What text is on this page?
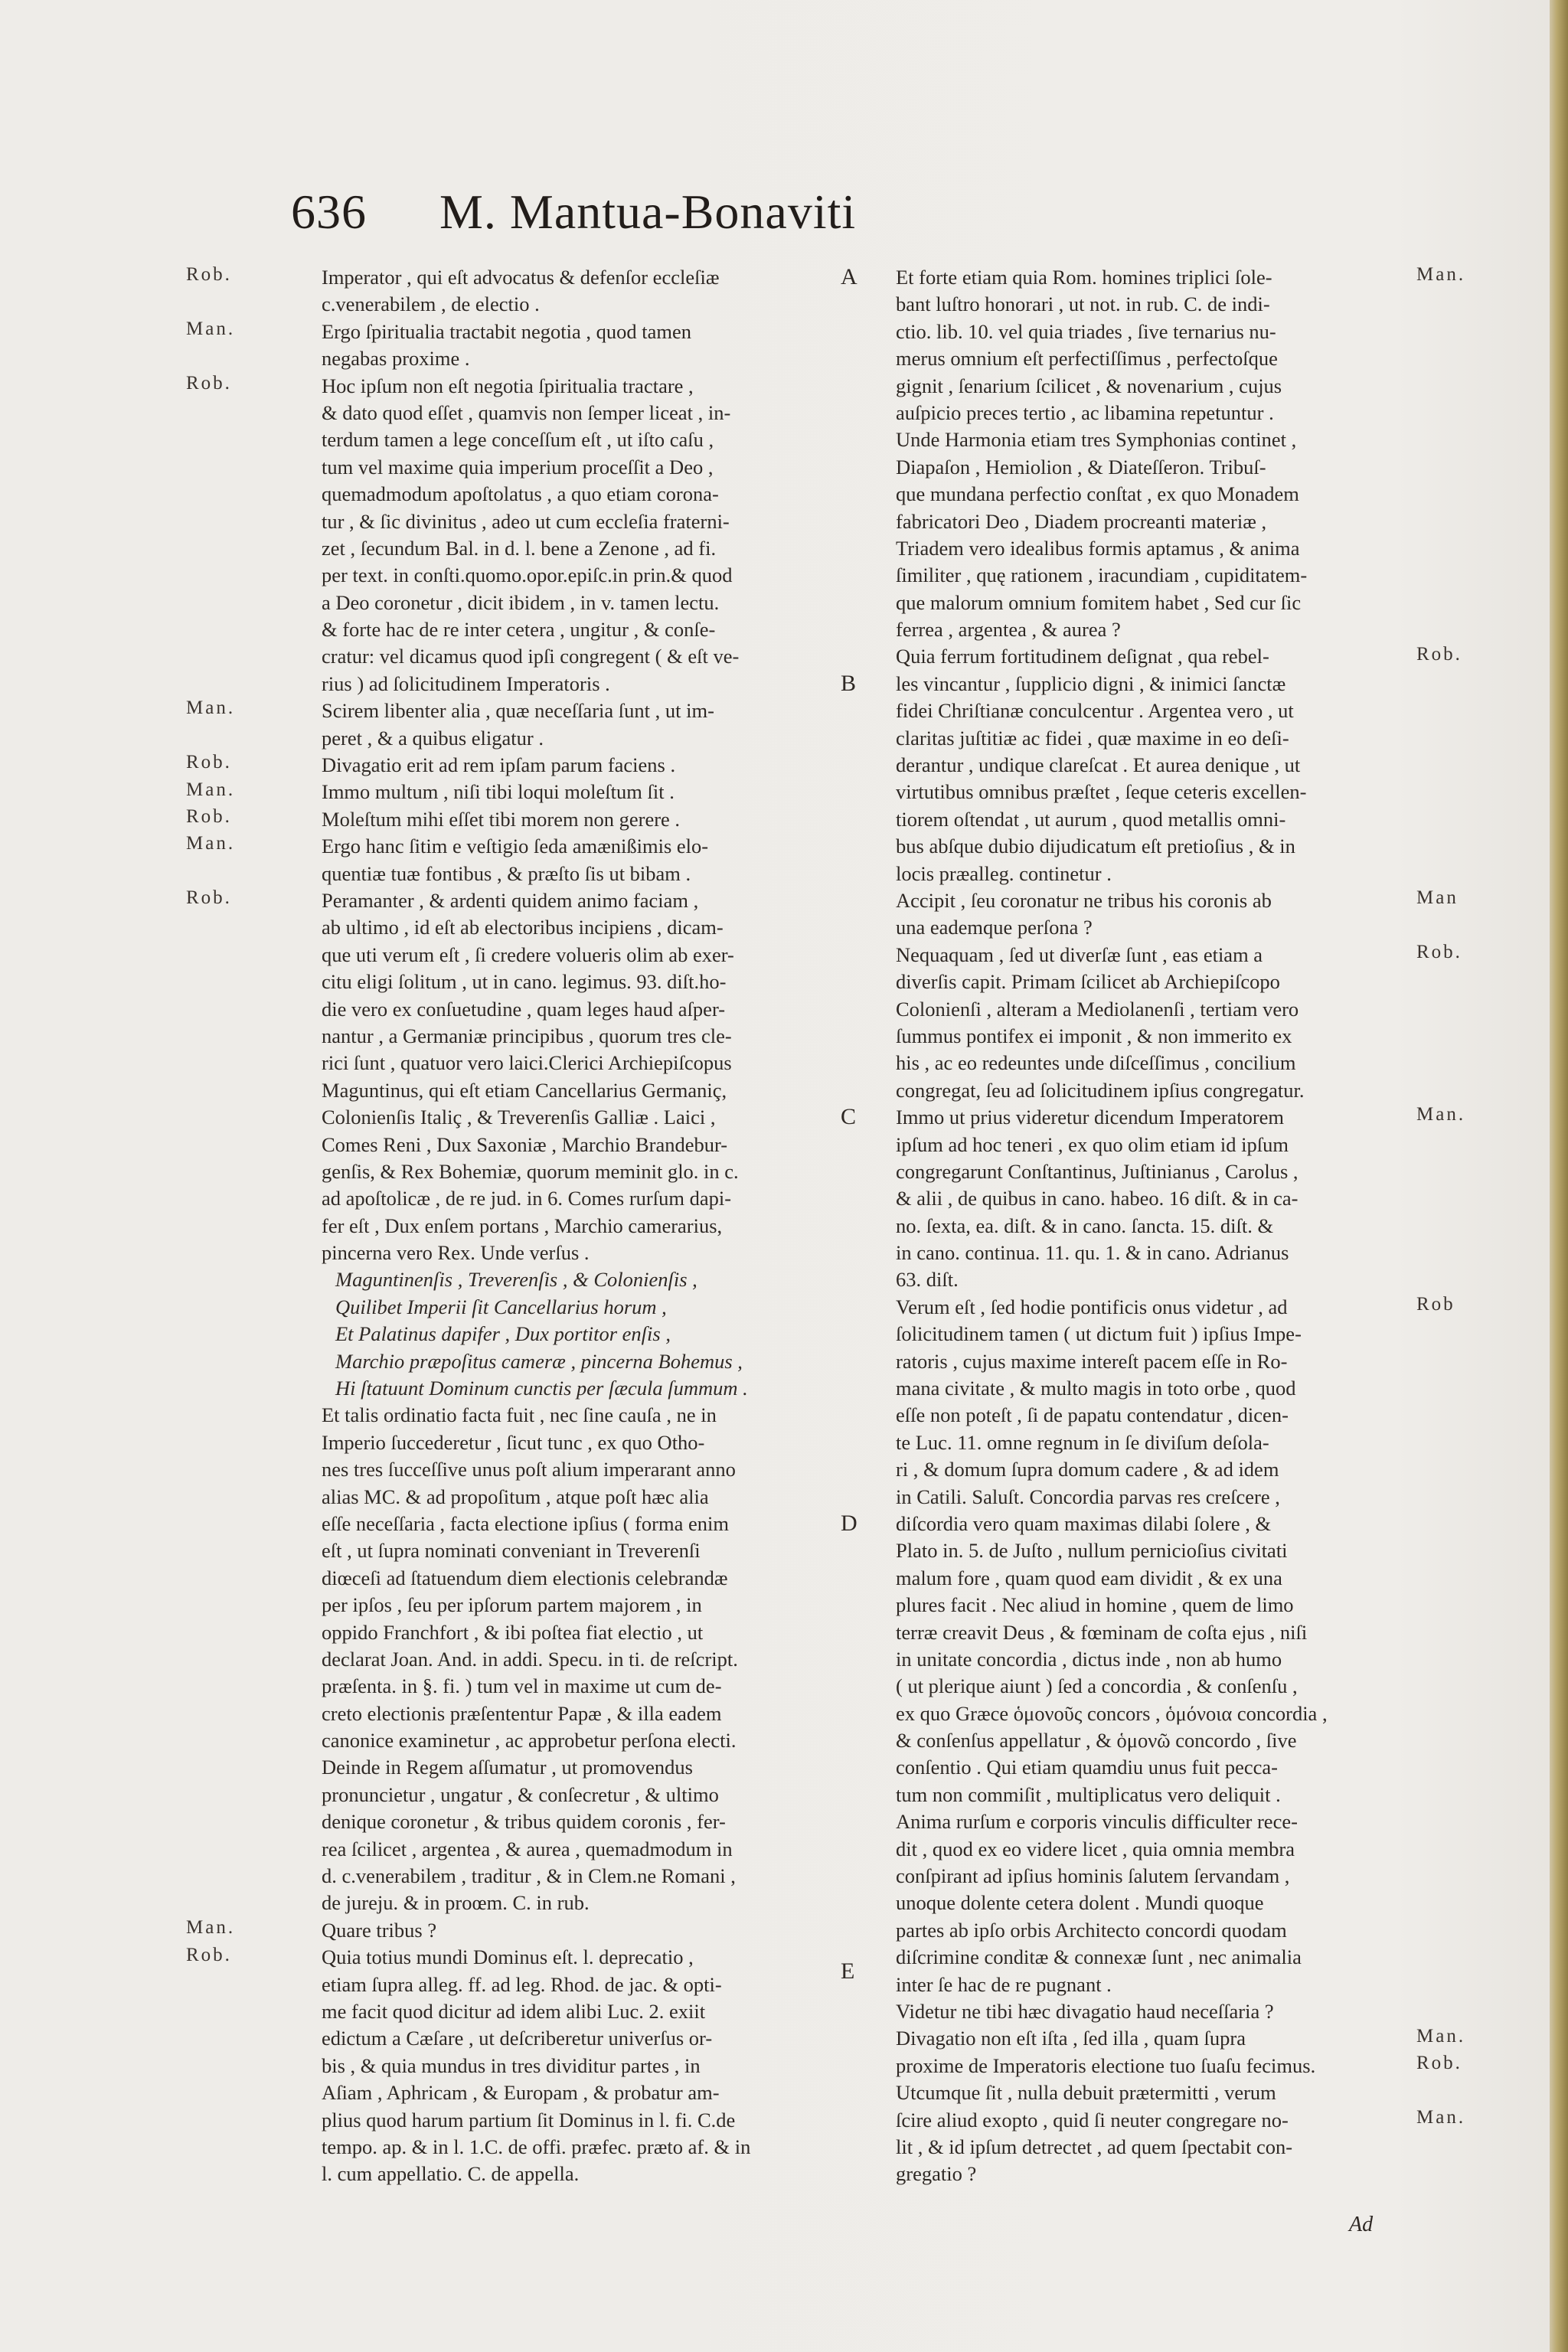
636 M. Mantua-Bonaviti
Imperator , qui eſt advocatus & defenſor eccleſiæ
c.venerabilem , de electio .
Ergo ſpiritualia tractabit negotia , quod tamen
negabas proxime .
Hoc ipſum non eſt negotia ſpiritualia tractare ,
& dato quod eſſet , quamvis non ſemper liceat , in-
terdum tamen a lege conceſſum eſt , ut iſto caſu ,
tum vel maxime quia imperium proceſſit a Deo ,
quemadmodum apoſtolatus , a quo etiam corona-
tur , & ſic divinitus , adeo ut cum eccleſia fraterni-
zet , ſecundum Bal. in d. l. bene a Zenone , ad fi.
per text. in conſti.quomo.opor.epiſc.in prin.& quod
a Deo coronetur , dicit ibidem , in v. tamen lectu.
& forte hac de re inter cetera , ungitur , & conſe-
cratur: vel dicamus quod ipſi congregent ( & eſt ve-
rius ) ad ſolicitudinem Imperatoris .
Scirem libenter alia , quæ neceſſaria ſunt , ut im-
peret , & a quibus eligatur .
Divagatio erit ad rem ipſam parum faciens .
Immo multum , niſi tibi loqui moleſtum ſit .
Moleſtum mihi eſſet tibi morem non gerere .
Ergo hanc ſitim e veſtigio ſeda amænißimis elo-
quentiæ tuæ fontibus , & præſto ſis ut bibam .
Peramanter , & ardenti quidem animo faciam ,
ab ultimo , id eſt ab electoribus incipiens , dicam-
que uti verum eſt , ſi credere volueris olim ab exer-
citu eligi ſolitum , ut in cano. legimus. 93. diſt.ho-
die vero ex conſuetudine , quam leges haud aſper-
nantur , a Germaniæ principibus , quorum tres cle-
rici ſunt , quatuor vero laici.Clerici Archiepiſcopus
Maguntinus, qui eſt etiam Cancellarius Germaniç,
Colonienſis Italiç , & Treverenſis Galliæ . Laici ,
Comes Reni , Dux Saxoniæ , Marchio Brandebur-
genſis, & Rex Bohemiæ, quorum meminit glo. in c.
ad apoſtolicæ , de re jud. in 6. Comes rurſum dapi-
fer eſt , Dux enſem portans , Marchio camerarius,
pincerna vero Rex. Unde verſus .
Maguntinenſis , Treverenſis , & Colonienſis ,
Quilibet Imperii ſit Cancellarius horum ,
Et Palatinus dapifer , Dux portitor enſis ,
Marchio præpoſitus cameræ , pincerna Bohemus ,
Hi ſtatuunt Dominum cunctis per ſæcula ſummum .
Et talis ordinatio facta fuit , nec ſine cauſa , ne in
Imperio ſuccederetur , ſicut tunc , ex quo Otho-
nes tres ſucceſſive unus poſt alium imperarant anno
alias MC. & ad propoſitum , atque poſt hæc alia
eſſe neceſſaria , facta electione ipſius ( forma enim
eſt , ut ſupra nominati conveniant in Treverenſi
diœceſi ad ſtatuendum diem electionis celebrandæ
per ipſos , ſeu per ipſorum partem majorem , in
oppido Franchfort , & ibi poſtea fiat electio , ut
declarat Joan. And. in addi. Specu. in ti. de reſcript.
præſenta. in §. fi. ) tum vel in maxime ut cum de-
creto electionis præſententur Papæ , & illa eadem
canonice examinetur , ac approbetur perſona electi.
Deinde in Regem aſſumatur , ut promovendus
pronuncietur , ungatur , & conſecretur , & ultimo
denique coronetur , & tribus quidem coronis , fer-
rea ſcilicet , argentea , & aurea , quemadmodum in
d. c.venerabilem , traditur , & in Clem.ne Romani ,
de jureju. & in proœm. C. in rub.
Quare tribus ?
Quia totius mundi Dominus eſt. l. deprecatio ,
etiam ſupra alleg. ff. ad leg. Rhod. de jac. & opti-
me facit quod dicitur ad idem alibi Luc. 2. exiit
edictum a Cæſare , ut deſcriberetur univerſus or-
bis , & quia mundus in tres dividitur partes , in
Aſiam , Aphricam , & Europam , & probatur am-
plius quod harum partium ſit Dominus in l. fi. C.de
tempo. ap. & in l. 1.C. de offi. præfec. præto af. & in
l. cum appellatio. C. de appella.
Et forte etiam quia Rom. homines triplici ſole-
bant luſtro honorari , ut not. in rub. C. de indi-
ctio. lib. 10. vel quia triades , ſive ternarius nu-
merus omnium eſt perfectiſſimus , perfectoſque
gignit , ſenarium ſcilicet , & novenarium , cujus
auſpicio preces tertio , ac libamina repetuntur .
Unde Harmonia etiam tres Symphonias continet ,
Diapaſon , Hemiolion , & Diateſſeron. Tribuſ-
que mundana perfectio conſtat , ex quo Monadem
fabricatori Deo , Diadem procreanti materiæ ,
Triadem vero idealibus formis aptamus , & anima
ſimiliter , quę rationem , iracundiam , cupiditatem-
que malorum omnium fomitem habet , Sed cur ſic
ferrea , argentea , & aurea ?
Quia ferrum fortitudinem deſignat , qua rebel-
les vincantur , ſupplicio digni , & inimici ſanctæ
fidei Chriſtianæ conculcentur . Argentea vero , ut
claritas juſtitiæ ac fidei , quæ maxime in eo deſi-
derantur , undique clareſcat . Et aurea denique , ut
virtutibus omnibus præſtet , ſeque ceteris excellen-
tiorem oſtendat , ut aurum , quod metallis omni-
bus abſque dubio dijudicatum eſt pretioſius , & in
locis præalleg. continetur .
Accipit , ſeu coronatur ne tribus his coronis ab
una eademque perſona ?
Nequaquam , ſed ut diverſæ ſunt , eas etiam a
diverſis capit. Primam ſcilicet ab Archiepiſcopo
Colonienſi , alteram a Mediolanenſi , tertiam vero
ſummus pontifex ei imponit , & non immerito ex
his , ac eo redeuntes unde diſceſſimus , concilium
congregat, ſeu ad ſolicitudinem ipſius congregatur.
Immo ut prius videretur dicendum Imperatorem
ipſum ad hoc teneri , ex quo olim etiam id ipſum
congregarunt Conſtantinus, Juſtinianus , Carolus ,
& alii , de quibus in cano. habeo. 16 diſt. & in ca-
no. ſexta, ea. diſt. & in cano. ſancta. 15. diſt. &
in cano. continua. 11. qu. 1. & in cano. Adrianus
63. diſt.
Verum eſt , ſed hodie pontificis onus videtur , ad
ſolicitudinem tamen ( ut dictum fuit ) ipſius Impe-
ratoris , cujus maxime intereſt pacem eſſe in Ro-
mana civitate , & multo magis in toto orbe , quod
eſſe non poteſt , ſi de papatu contendatur , dicen-
te Luc. 11. omne regnum in ſe diviſum deſola-
ri , & domum ſupra domum cadere , & ad idem
in Catili. Saluſt. Concordia parvas res creſcere ,
diſcordia vero quam maximas dilabi ſolere , &
Plato in. 5. de Juſto , nullum pernicioſius civitati
malum fore , quam quod eam dividit , & ex una
plures facit . Nec aliud in homine , quem de limo
terræ creavit Deus , & fœminam de coſta ejus , niſi
in unitate concordia , dictus inde , non ab humo
( ut plerique aiunt ) ſed a concordia , & conſenſu ,
ex quo Græce ὁμονοῦς concors , ὁμόνοια concordia ,
& conſenſus appellatur , & ὁμονῶ concordo , ſive
conſentio . Qui etiam quamdiu unus fuit pecca-
tum non commiſit , multiplicatus vero deliquit .
Anima rurſum e corporis vinculis difficulter rece-
dit , quod ex eo videre licet , quia omnia membra
conſpirant ad ipſius hominis ſalutem ſervandam ,
unoque dolente cetera dolent . Mundi quoque
partes ab ipſo orbis Architecto concordi quodam
diſcrimine conditæ & connexæ ſunt , nec animalia
inter ſe hac de re pugnant .
Videtur ne tibi hæc divagatio haud neceſſaria ?
Divagatio non eſt iſta , ſed illa , quam ſupra
proxime de Imperatoris electione tuo ſuaſu fecimus.
Utcumque ſit , nulla debuit prætermitti , verum
ſcire aliud exopto , quid ſi neuter congregare no-
lit , & id ipſum detrectet , ad quem ſpectabit con-
gregatio ?
Rob.
Man.
Rob.
Man.
Rob.
Man.
Rob.
Man.
Rob.
Man.
Rob.
Man.
Rob.
Man
Rob.
Man.
Rob
Man.
Rob.
Man.
A
B
C
D
E
Ad
